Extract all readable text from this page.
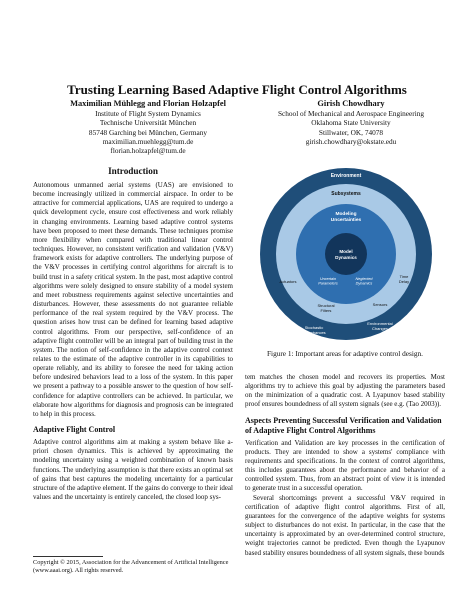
Trusting Learning Based Adaptive Flight Control Algorithms
Maximilian Mühlegg and Florian Holzapfel
Institute of Flight System Dynamics
Technische Universität München
85748 Garching bei München, Germany
maximilian.muehlegg@tum.de
florian.holzapfel@tum.de
Girish Chowdhary
School of Mechanical and Aerospace Engineering
Oklahoma State University
Stillwater, OK, 74078
girish.chowdhary@okstate.edu
Introduction

Autonomous unmanned aerial systems (UAS) are envisioned to become increasingly utilized in commercial airspace. In order to be attractive for commercial applications, UAS are required to undergo a quick development cycle, ensure cost effectiveness and work reliably in changing environments. Learning based adaptive control systems have been proposed to meet these demands. These techniques promise more flexibility when compared with traditional linear control techniques. However, no consistent verification and validation (V&V) framework exists for adaptive controllers. The underlying purpose of the V&V processes in certifying control algorithms for aircraft is to build trust in a safety critical system. In the past, most adaptive control algorithms were solely designed to ensure stability of a model system and meet robustness requirements against selective uncertainties and disturbances. However, these assessments do not guarantee reliable performance of the real system required by the V&V process. The question arises how trust can be defined for learning based adaptive control algorithms. From our perspective, self-confidence of an adaptive flight controller will be an integral part of building trust in the system. The notion of self-confidence in the adaptive control context relates to the estimate of the adaptive controller in its capabilities to operate reliably, and its ability to foresee the need for taking action before undesired behaviors lead to a loss of the system. In this paper we present a pathway to a possible answer to the question of how self-confidence for adaptive controllers can be achieved. In particular, we elaborate how algorithms for diagnosis and prognosis can be integrated to help in this process.

Adaptive Flight Control

Adaptive control algorithms aim at making a system behave like a-priori chosen dynamics. This is achieved by approximating the modeling uncertainty using a weighted combination of known basis functions. The underlying assumption is that there exists an optimal set of gains that best captures the modeling uncertainty for a particular structure of the adaptive element. If the gains do converge to their ideal values and the uncertainty is entirely canceled, the closed loop sys-

Copyright © 2015, Association for the Advancement of Artificial Intelligence (www.aaai.org). All rights reserved.
Environment
Subsystems
Modeling Uncertainties
Model Dynamics
Uncertain Parameters
Neglected Dynamics
Actuators
Time Delay
Structural Filters
Sensors
Stochastic Disturbances
Environmental Changes
Figure 1: Important areas for adaptive control design.

tem matches the chosen model and recovers its properties. Most algorithms try to achieve this goal by adjusting the parameters based on the minimization of a quadratic cost. A Lyapunov based stability proof ensures boundedness of all system signals (see e.g. (Tao 2003)).

Aspects Preventing Successful Verification and Validation of Adaptive Flight Control Algorithms

Verification and Validation are key processes in the certification of products. They are intended to show a systems' compliance with requirements and specifications. In the context of control algorithms, this includes guarantees about the performance and behavior of a controlled system. Thus, from an abstract point of view it is intended to generate trust in a successful operation.

Several shortcomings prevent a successful V&V required in certification of adaptive flight control algorithms. First of all, guarantees for the convergence of the adaptive weights for systems subject to disturbances do not exist. In particular, in the case that the uncertainty is approximated by an over-determined control structure, weight trajectories cannot be predicted. Even though the Lyapunov based stability ensures boundedness of all system signals, these bounds
